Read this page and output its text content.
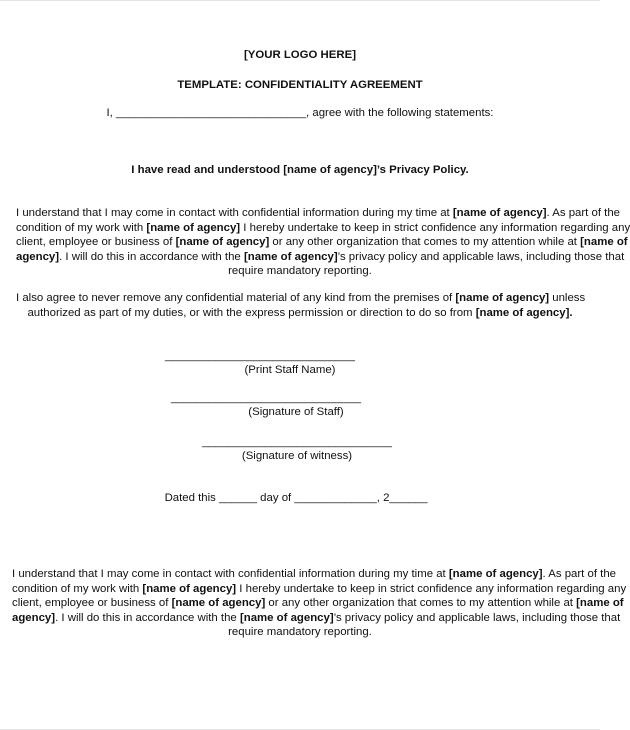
[YOUR LOGO HERE]
TEMPLATE: CONFIDENTIALITY AGREEMENT
I, ______________________________, agree with the following statements:
I have read and understood [name of agency]’s Privacy Policy.
I understand that I may come in contact with confidential information during my time at [name of agency]. As part of the
condition of my work with [name of agency] I hereby undertake to keep in strict confidence any information regarding any
client, employee or business of [name of agency] or any other organization that comes to my attention while at [name of
agency]. I will do this in accordance with the [name of agency]’s privacy policy and applicable laws, including those that
require mandatory reporting.
I also agree to never remove any confidential material of any kind from the premises of [name of agency] unless
authorized as part of my duties, or with the express permission or direction to do so from [name of agency].
______________________________
(Print Staff Name)
______________________________
(Signature of Staff)
______________________________
(Signature of witness)
Dated this ______ day of _____________, 2______
I understand that I may come in contact with confidential information during my time at [name of agency]. As part of the
condition of my work with [name of agency] I hereby undertake to keep in strict confidence any information regarding any
client, employee or business of [name of agency] or any other organization that comes to my attention while at [name of
agency]. I will do this in accordance with the [name of agency]’s privacy policy and applicable laws, including those that
require mandatory reporting.
